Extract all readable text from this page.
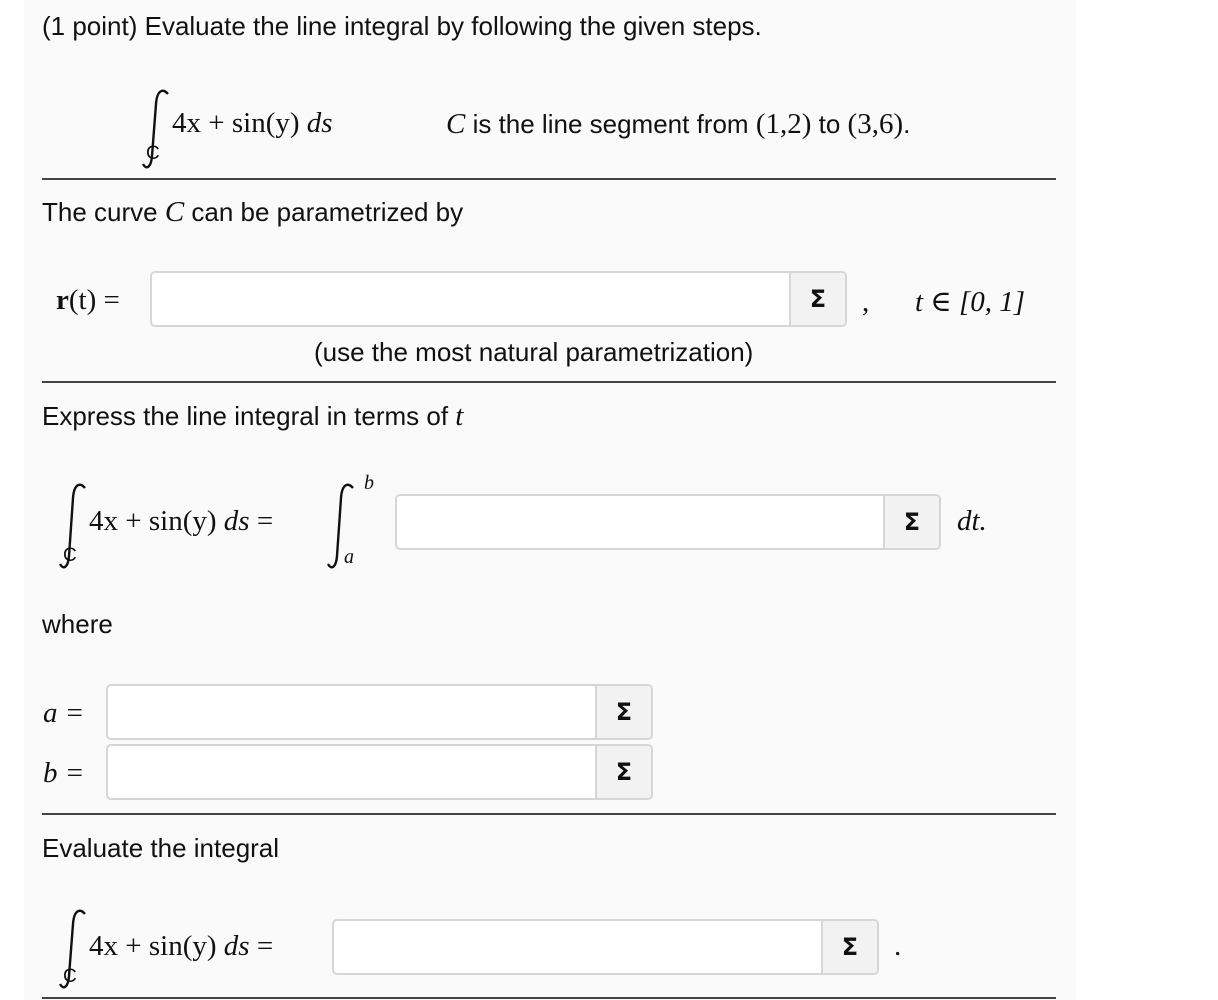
(1 point) Evaluate the line integral by following the given steps.
C
4x + sin(y) ds	C is the line segment from (1,2) to (3,6).
The curve C can be parametrized by
r(t) =	Σ	, t ∈ [0, 1]
(use the most natural parametrization)
Express the line integral in terms of t
C
4x + sin(y) ds =
b
a
Σ	dt.
where
a =	Σ
b =	Σ
Evaluate the integral
C
4x + sin(y) ds =	Σ	.
